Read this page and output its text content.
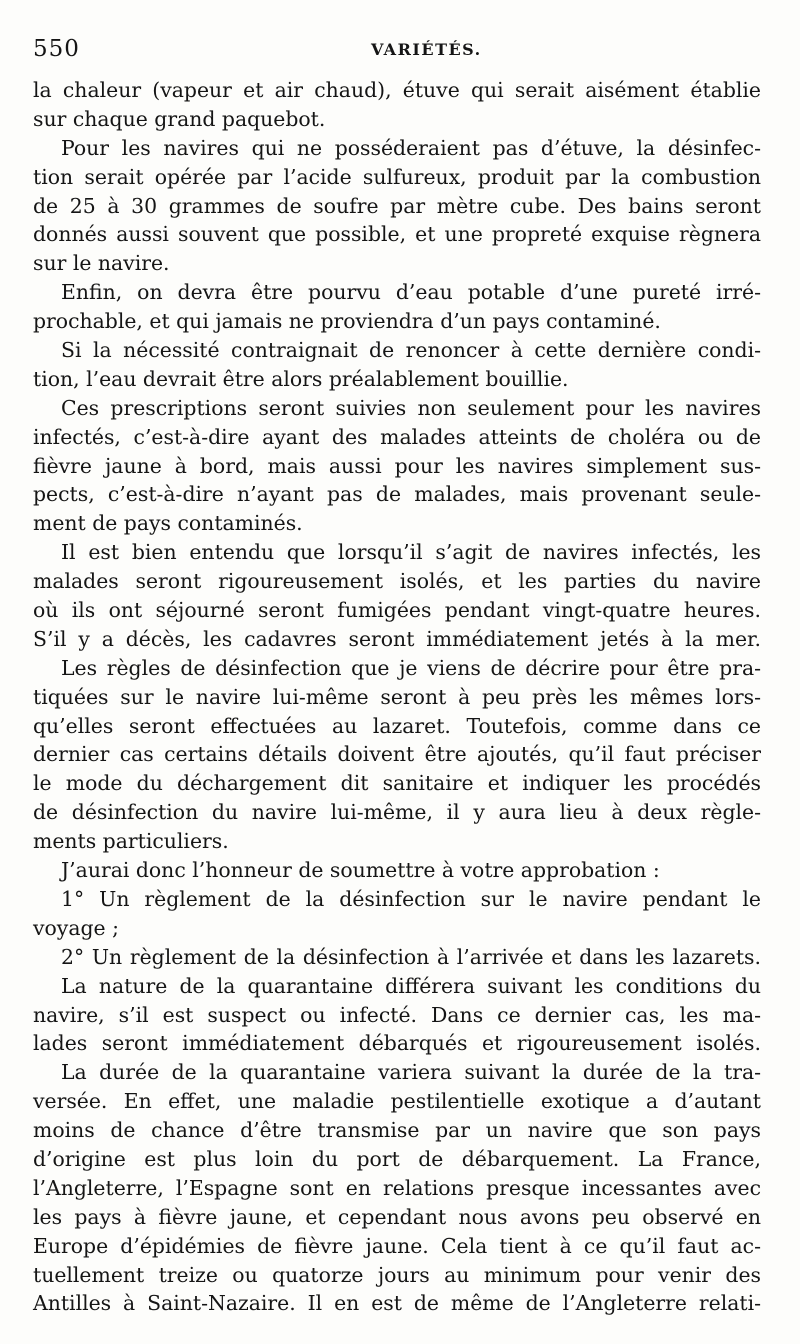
550	VARIÉTÉS.
la chaleur (vapeur et air chaud), étuve qui serait aisément établie
sur chaque grand paquebot.
Pour les navires qui ne posséderaient pas d’étuve, la désinfec-
tion serait opérée par l’acide sulfureux, produit par la combustion
de 25 à 30 grammes de soufre par mètre cube. Des bains seront
donnés aussi souvent que possible, et une propreté exquise règnera
sur le navire.
Enfin, on devra être pourvu d’eau potable d’une pureté irré-
prochable, et qui jamais ne proviendra d’un pays contaminé.
Si la nécessité contraignait de renoncer à cette dernière condi-
tion, l’eau devrait être alors préalablement bouillie.
Ces prescriptions seront suivies non seulement pour les navires
infectés, c’est-à-dire ayant des malades atteints de choléra ou de
fièvre jaune à bord, mais aussi pour les navires simplement sus-
pects, c’est-à-dire n’ayant pas de malades, mais provenant seule-
ment de pays contaminés.
Il est bien entendu que lorsqu’il s’agit de navires infectés, les
malades seront rigoureusement isolés, et les parties du navire
où ils ont séjourné seront fumigées pendant vingt-quatre heures.
S’il y a décès, les cadavres seront immédiatement jetés à la mer.
Les règles de désinfection que je viens de décrire pour être pra-
tiquées sur le navire lui-même seront à peu près les mêmes lors-
qu’elles seront effectuées au lazaret. Toutefois, comme dans ce
dernier cas certains détails doivent être ajoutés, qu’il faut préciser
le mode du déchargement dit sanitaire et indiquer les procédés
de désinfection du navire lui-même, il y aura lieu à deux règle-
ments particuliers.
J’aurai donc l’honneur de soumettre à votre approbation :
1° Un règlement de la désinfection sur le navire pendant le
voyage ;
2° Un règlement de la désinfection à l’arrivée et dans les lazarets.
La nature de la quarantaine différera suivant les conditions du
navire, s’il est suspect ou infecté. Dans ce dernier cas, les ma-
lades seront immédiatement débarqués et rigoureusement isolés.
La durée de la quarantaine variera suivant la durée de la tra-
versée. En effet, une maladie pestilentielle exotique a d’autant
moins de chance d’être transmise par un navire que son pays
d’origine est plus loin du port de débarquement. La France,
l’Angleterre, l’Espagne sont en relations presque incessantes avec
les pays à fièvre jaune, et cependant nous avons peu observé en
Europe d’épidémies de fièvre jaune. Cela tient à ce qu’il faut ac-
tuellement treize ou quatorze jours au minimum pour venir des
Antilles à Saint-Nazaire. Il en est de même de l’Angleterre relati-
